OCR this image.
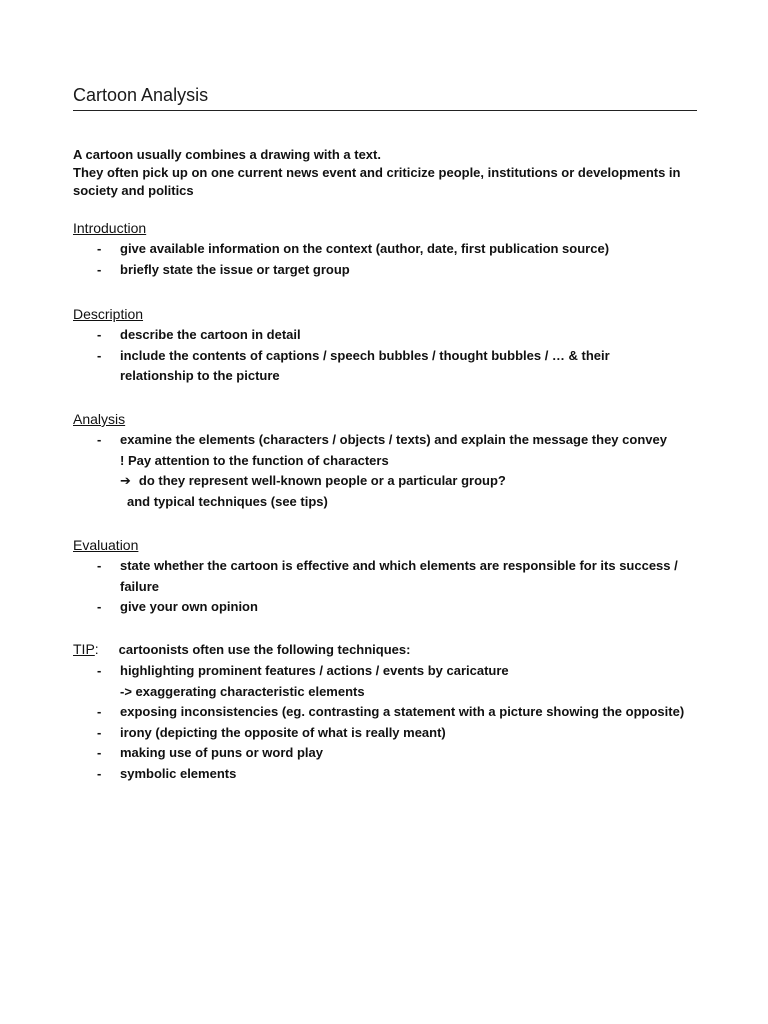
Cartoon Analysis
A cartoon usually combines a drawing with a text.
They often pick up on one current news event and criticize people, institutions or developments in
society and politics
Introduction
- give available information on the context (author, date, first publication source)
- briefly state the issue or target group
Description
- describe the cartoon in detail
- include the contents of captions / speech bubbles / thought bubbles / … & their
relationship to the picture
Analysis
- examine the elements (characters / objects / texts) and explain the message they convey
! Pay attention to the function of characters
➔ do they represent well-known people or a particular group?
and typical techniques (see tips)
Evaluation
- state whether the cartoon is effective and which elements are responsible for its success /
failure
- give your own opinion
TIP : cartoonists often use the following techniques:
- highlighting prominent features / actions / events by caricature
-> exaggerating characteristic elements
- exposing inconsistencies (eg. contrasting a statement with a picture showing the opposite)
- irony (depicting the opposite of what is really meant)
- making use of puns or word play
- symbolic elements
